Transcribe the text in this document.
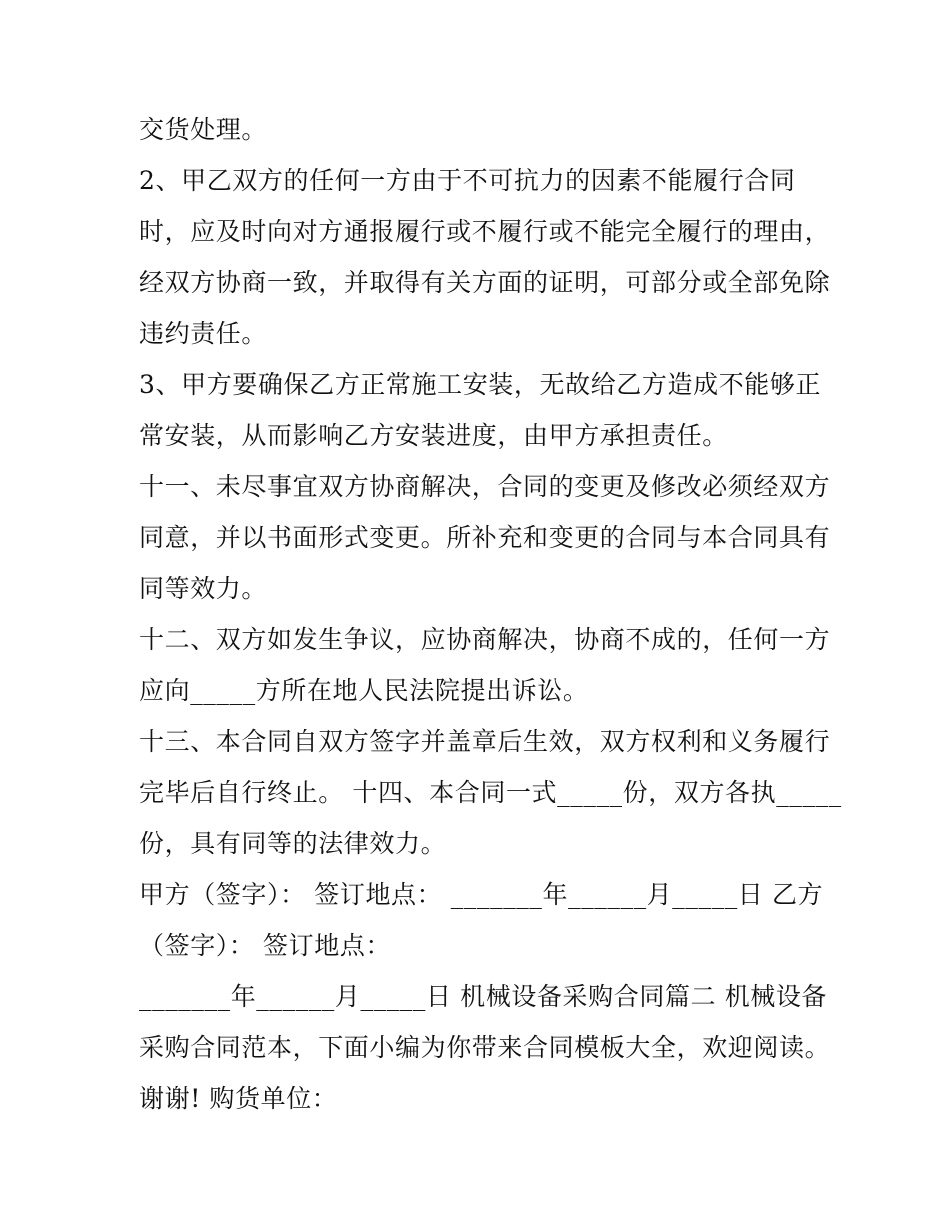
交货处理。
2、甲乙双方的任何一方由于不可抗力的因素不能履行合同
时，应及时向对方通报履行或不履行或不能完全履行的理由，
经双方协商一致，并取得有关方面的证明，可部分或全部免除
违约责任。
3、甲方要确保乙方正常施工安装，无故给乙方造成不能够正
常安装，从而影响乙方安装进度，由甲方承担责任。
十一、未尽事宜双方协商解决，合同的变更及修改必须经双方
同意，并以书面形式变更。所补充和变更的合同与本合同具有
同等效力。
十二、双方如发生争议，应协商解决，协商不成的，任何一方
应向_____方所在地人民法院提出诉讼。
十三、本合同自双方签字并盖章后生效，双方权利和义务履行
完毕后自行终止。 十四、本合同一式_____份，双方各执_____
份，具有同等的法律效力。
甲方（签字）： 签订地点： _______年______月_____日 乙方
（签字）： 签订地点：
_______年______月_____日 机械设备采购合同篇二 机械设备
采购合同范本，下面小编为你带来合同模板大全，欢迎阅读。
谢谢! 购货单位：
